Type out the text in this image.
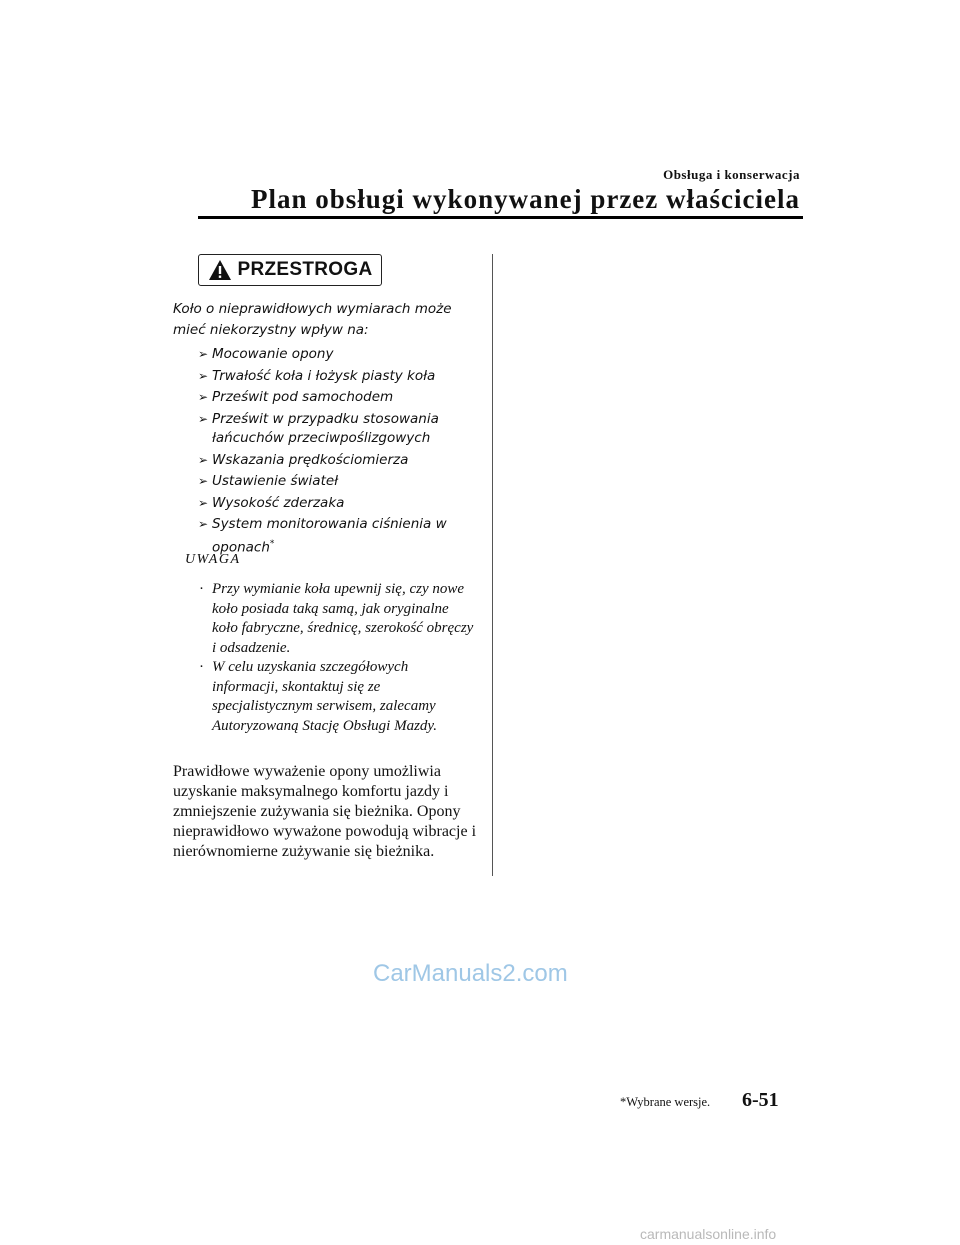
Obsługa i konserwacja
Plan obsługi wykonywanej przez właściciela
PRZESTROGA
Koło o nieprawidłowych wymiarach może mieć niekorzystny wpływ na:
➢ Mocowanie opony
➢ Trwałość koła i łożysk piasty koła
➢ Prześwit pod samochodem
➢ Prześwit w przypadku stosowania łańcuchów przeciwpoślizgowych
➢ Wskazania prędkościomierza
➢ Ustawienie świateł
➢ Wysokość zderzaka
➢ System monitorowania ciśnienia w oponach*
UWAGA
· Przy wymianie koła upewnij się, czy nowe koło posiada taką samą, jak oryginalne koło fabryczne, średnicę, szerokość obręczy i odsadzenie.
· W celu uzyskania szczegółowych informacji, skontaktuj się ze specjalistycznym serwisem, zalecamy Autoryzowaną Stację Obsługi Mazdy.
Prawidłowe wyważenie opony umożliwia uzyskanie maksymalnego komfortu jazdy i zmniejszenie zużywania się bieżnika. Opony nieprawidłowo wyważone powodują wibracje i nierównomierne zużywanie się bieżnika.
CarManuals2.com
*Wybrane wersje. 6-51
carmanualsonline.info
